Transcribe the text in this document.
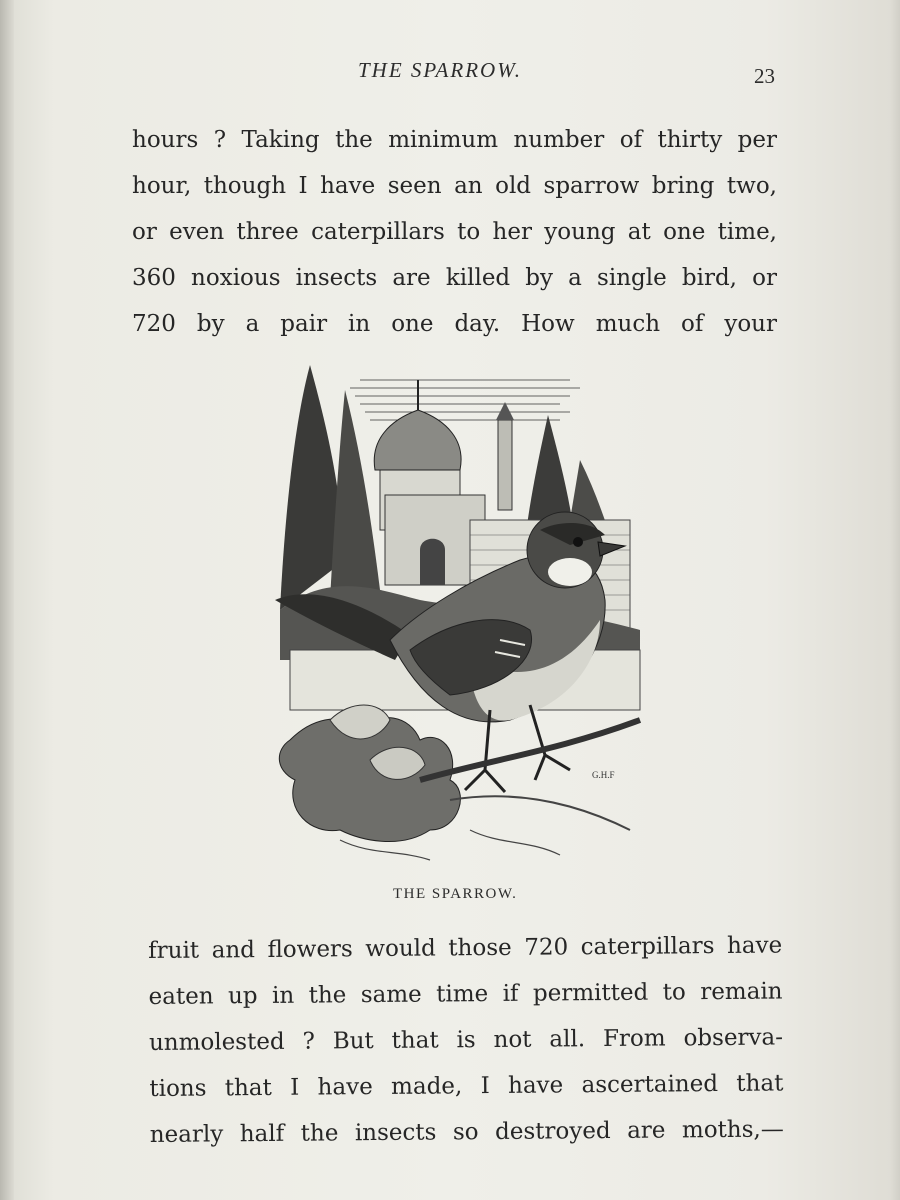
THE SPARROW.	23
hours ? Taking the minimum number of thirty per
hour, though I have seen an old sparrow bring two,
or even three caterpillars to her young at one time,
360 noxious insects are killed by a single bird, or
720 by a pair in one day. How much of your
G.H.F
THE SPARROW.
fruit and flowers would those 720 caterpillars have
eaten up in the same time if permitted to remain
unmolested ? But that is not all. From observa-
tions that I have made, I have ascertained that
nearly half the insects so destroyed are moths,—
